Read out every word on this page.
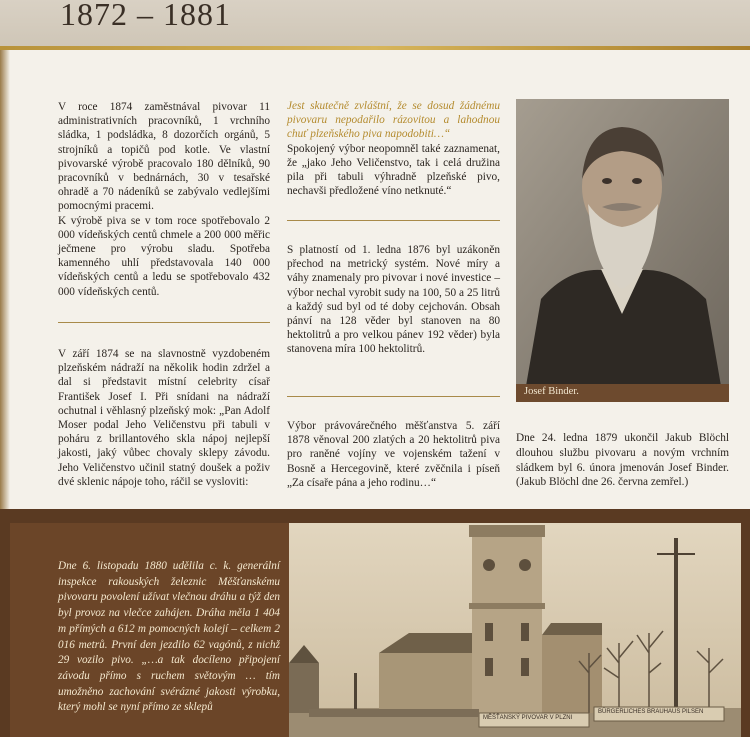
1872 – 1881

V roce 1874 zaměstnával pivovar 11 administrativních pracovníků, 1 vrchního sládka, 1 podsládka, 8 dozorčích orgánů, 5 strojníků a topičů pod kotle. Ve vlastní pivovarské výrobě pracovalo 180 dělníků, 90 pracovníků v bednárnách, 30 v tesařské ohradě a 70 nádeníků se zabývalo vedlejšími pomocnými pracemi.

K výrobě piva se v tom roce spotřebovalo 2 000 vídeňských centů chmele a 200 000 měřic ječmene pro výrobu sladu. Spotřeba kamenného uhlí představovala 140 000 vídeňských centů a ledu se spotřebovalo 432 000 vídeňských centů.

V září 1874 se na slavnostně vyzdobeném plzeňském nádraží na několik hodin zdržel a dal si představit místní celebrity císař František Josef I. Při snídani na nádraží ochutnal i věhlasný plzeňský mok: „Pan Adolf Moser podal Jeho Veličenstvu při tabuli v poháru z brillantového skla nápoj nejlepší jakosti, jaký vůbec chovaly sklepy závodu. Jeho Veličenstvo učinil statný doušek a poživ dvé sklenic nápoje toho, ráčil se vysloviti:

Jest skutečně zvláštní, že se dosud žádnému pivovaru nepodařilo rázovitou a lahodnou chuť plzeňského piva napodobiti…“

Spokojený výbor neopomněl také zaznamenat, že „jako Jeho Veličenstvo, tak i celá družina pila při tabuli výhradně plzeňské pivo, nechavši předložené víno netknuté.“

S platností od 1. ledna 1876 byl uzákoněn přechod na metrický systém. Nové míry a váhy znamenaly pro pivovar i nové investice – výbor nechal vyrobit sudy na 100, 50 a 25 litrů a každý sud byl od té doby cejchován. Obsah pánví na 128 věder byl stanoven na 80 hektolitrů a pro velkou pánev 192 věder) byla stanovena míra 100 hektolitrů.

Výbor právovárečného měšťanstva 5. září 1878 věnoval 200 zlatých a 20 hektolitrů piva pro raněné vojíny ve vojenském tažení v Bosně a Hercegovině, které zvěčnila i píseň „Za císaře pána a jeho rodinu…“

Josef Binder.

Dne 24. ledna 1879 ukončil Jakub Blöchl dlouhou službu pivovaru a novým vrchním sládkem byl 6. února jmenován Josef Binder. (Jakub Blöchl dne 26. června zemřel.)

Dne 6. listopadu 1880 udělila c. k. generální inspekce rakouských železnic Měšťanskému pivovaru povolení užívat vlečnou dráhu a týž den byl provoz na vlečce zahájen. Dráha měla 1 404 m přímých a 612 m pomocných kolejí – celkem 2 016 metrů. První den jezdilo 62 vagónů, z nichž 29 vozilo pivo. „…a tak docíleno připojení závodu přímo s ruchem světovým … tím umožněno zachování svérázné jakosti výrobku, který mohl se nyní přímo ze sklepů
MĚŠŤANSKÝ PIVOVAR V PLZNI
BÜRGERLICHES BRAUHAUS PILSEN
